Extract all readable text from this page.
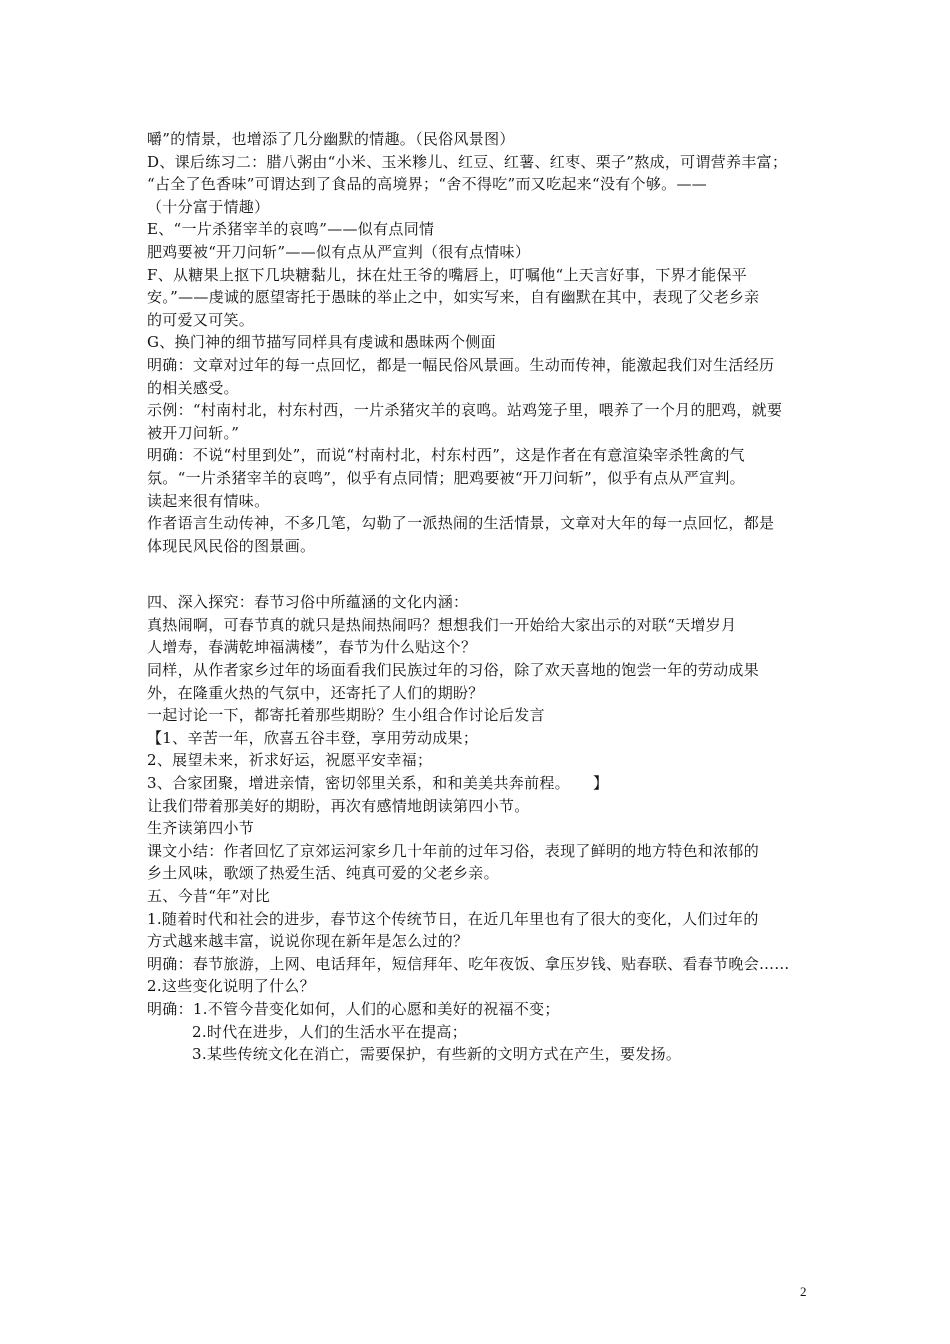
嚼”的情景，也增添了几分幽默的情趣。（民俗风景图）
D、课后练习二：腊八粥由“小米、玉米糁儿、红豆、红薯、红枣、栗子”熬成，可谓营养丰富；
“占全了色香味”可谓达到了食品的高境界；“舍不得吃”而又吃起来“没有个够。——
（十分富于情趣）
E、“一片杀猪宰羊的哀鸣”——似有点同情
肥鸡要被“开刀问斩”——似有点从严宣判（很有点情味）
F、从糖果上抠下几块糖黏儿，抹在灶王爷的嘴唇上，叮嘱他“上天言好事，下界才能保平
安。”——虔诚的愿望寄托于愚昧的举止之中，如实写来，自有幽默在其中，表现了父老乡亲
的可爱又可笑。
G、换门神的细节描写同样具有虔诚和愚昧两个侧面
明确：文章对过年的每一点回忆，都是一幅民俗风景画。生动而传神，能激起我们对生活经历
的相关感受。
示例：“村南村北，村东村西，一片杀猪灾羊的哀鸣。站鸡笼子里，喂养了一个月的肥鸡，就要
被开刀问斩。”
明确：不说“村里到处”，而说“村南村北，村东村西”，这是作者在有意渲染宰杀牲禽的气
氛。“一片杀猪宰羊的哀鸣”，似乎有点同情；肥鸡要被“开刀问斩”，似乎有点从严宣判。
读起来很有情味。
作者语言生动传神，不多几笔，勾勒了一派热闹的生活情景，文章对大年的每一点回忆，都是
体现民风民俗的图景画。
四、深入探究：春节习俗中所蕴涵的文化内涵：
真热闹啊，可春节真的就只是热闹热闹吗？想想我们一开始给大家出示的对联“天增岁月
人增寿，春满乾坤福满楼”，春节为什么贴这个？
同样，从作者家乡过年的场面看我们民族过年的习俗，除了欢天喜地的饱尝一年的劳动成果
外，在隆重火热的气氛中，还寄托了人们的期盼？
一起讨论一下，都寄托着那些期盼？生小组合作讨论后发言
【1、辛苦一年，欣喜五谷丰登，享用劳动成果；
2、展望未来，祈求好运，祝愿平安幸福；
3、合家团聚，增进亲情，密切邻里关系，和和美美共奔前程。　　】
让我们带着那美好的期盼，再次有感情地朗读第四小节。
生齐读第四小节
课文小结：作者回忆了京郊运河家乡几十年前的过年习俗，表现了鲜明的地方特色和浓郁的
乡土风味，歌颂了热爱生活、纯真可爱的父老乡亲。
五、今昔“年”对比
1.随着时代和社会的进步，春节这个传统节日，在近几年里也有了很大的变化，人们过年的
方式越来越丰富，说说你现在新年是怎么过的？
明确：春节旅游，上网、电话拜年，短信拜年、吃年夜饭、拿压岁钱、贴春联、看春节晚会……
2.这些变化说明了什么？
明确：1.不管今昔变化如何，人们的心愿和美好的祝福不变；
2.时代在进步，人们的生活水平在提高；
3.某些传统文化在消亡，需要保护，有些新的文明方式在产生，要发扬。
2
